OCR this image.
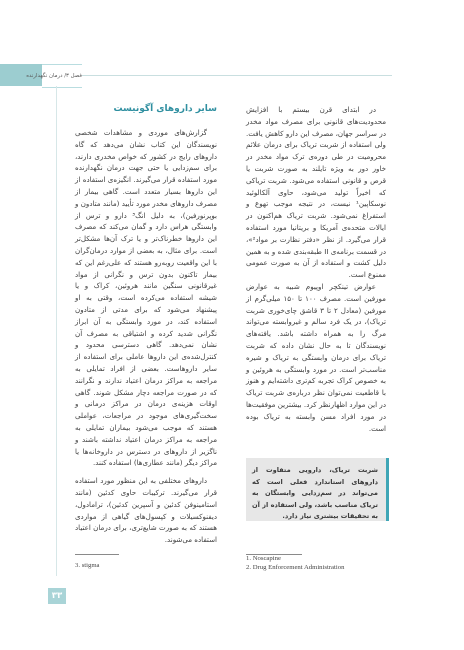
فصل ۳/ درمان نگهدارنده

در ابتدای قرن بیستم با افزایش محدودیت‌های قانونی برای مصرف مواد مخدر در سراسر جهان، مصرف این دارو کاهش یافت. ولی استفاده از شربت تریاک برای درمان علائم محرومیت در طی دوره‌ی ترک مواد مخدر در خاور دور به ویژه تایلند به صورت شربت یا قرص و قانونی استفاده می‌شود. شربت تریاکی که اخیراً تولید می‌شود، حاوی آلکالوئید نوسکاپین¹ نیست، در نتیجه موجب تهوع و استفراغ نمی‌شود. شربت تریاک هم‌اکنون در ایالات متحده‌ی آمریکا و بریتانیا مورد استفاده قرار می‌گیرد. از نظر «دفتر نظارت بر مواد²»، در قسمت برنامه‌ی II طبقه‌بندی شده و به همین دلیل کشت و استفاده از آن به صورت عمومی ممنوع است.

عوارض تینکچر اوپیوم شبیه به عوارض مورفین است. مصرف ۱۰۰ تا ۱۵۰ میلی‌گرم از مورفین (معادل ۲ تا ۳ قاشق چای‌خوری شربت تریاک)، در یک فرد سالم و غیروابسته می‌تواند مرگ را به همراه داشته باشد. یافته‌های نویسندگان تا به حال نشان داده که شربت تریاک برای درمان وابستگی به تریاک و شیره مناسب‌تر است. در مورد وابستگی به هروئین و به خصوص کراک تجربه کم‌تری داشته‌ایم و هنوز با قاطعیت نمی‌توان نظر درباره‌ی شربت تریاک در این موارد اظهارنظر کرد. بیشترین موفقیت‌ها در مورد افراد مسن وابسته به تریاک بوده است.

شربت تریاک، دارویی متفاوت از داروهای استاندارد فعلی است که می‌تواند در سم‌زدایی وابستگان به تریاک مناسب باشد، ولی استفاده از آن به تحقیقات بیشتری نیاز دارد.
سایر داروهای آگونیست

گزارش‌های موردی و مشاهدات شخصی نویسندگان این کتاب نشان می‌دهد که گاه داروهای رایج در کشور که خواص مخدری دارند، برای سم‌زدایی یا حتی جهت درمان نگهدارنده مورد استفاده قرار می‌گیرند. انگیزه‌ی استفاده از این داروها بسیار متعدد است. گاهی بیمار از مصرف داروهای مخدر مورد تأیید (مانند متادون و بوپرنورفین)، به دلیل انگ³ دارو و ترس از وابستگی هراس دارد و گمان می‌کند که مصرف این داروها خطرناک‌تر و یا ترک آن‌ها مشکل‌تر است. برای مثال، به بعضی از موارد درمان‌گران با این واقعیت روبه‌رو هستند که علی‌رغم این که بیمار تاکنون بدون ترس و نگرانی از مواد غیرقانونی سنگین مانند هروئین، کراک و یا شیشه استفاده می‌کرده است، وقتی به او پیشنهاد می‌شود که برای مدتی از متادون استفاده کند، در مورد وابستگی به آن ابراز نگرانی شدید کرده و اشتیاقی به مصرف آن نشان نمی‌دهد. گاهی دسترسی محدود و کنترل‌شده‌ی این داروها عاملی برای استفاده از سایر داروهاست. بعضی از افراد تمایلی به مراجعه به مراکز درمان اعتیاد ندارند و نگرانند که در صورت مراجعه دچار مشکل شوند. گاهی اوقات هزینه‌ی درمان در مراکز درمانی و سخت‌گیری‌های موجود در مراجعات، عواملی هستند که موجب می‌شود بیماران تمایلی به مراجعه به مراکز درمان اعتیاد نداشته باشند و ناگزیر از داروهای در دسترس در داروخانه‌ها یا مراکز دیگر (مانند عطاری‌ها) استفاده کنند.

داروهای مختلفی به این منظور مورد استفاده قرار می‌گیرند. ترکیبات حاوی کدئین (مانند استامینوفن کدئین و آسپرین کدئین)، ترامادول، دیفنوکسیلات و کپسول‌های گیاهی از مواردی هستند که به صورت شایع‌تری، برای درمان اعتیاد استفاده می‌شوند.

3. stigma
1. Noscapine
2. Drug Enforcement Administration
۳۳
